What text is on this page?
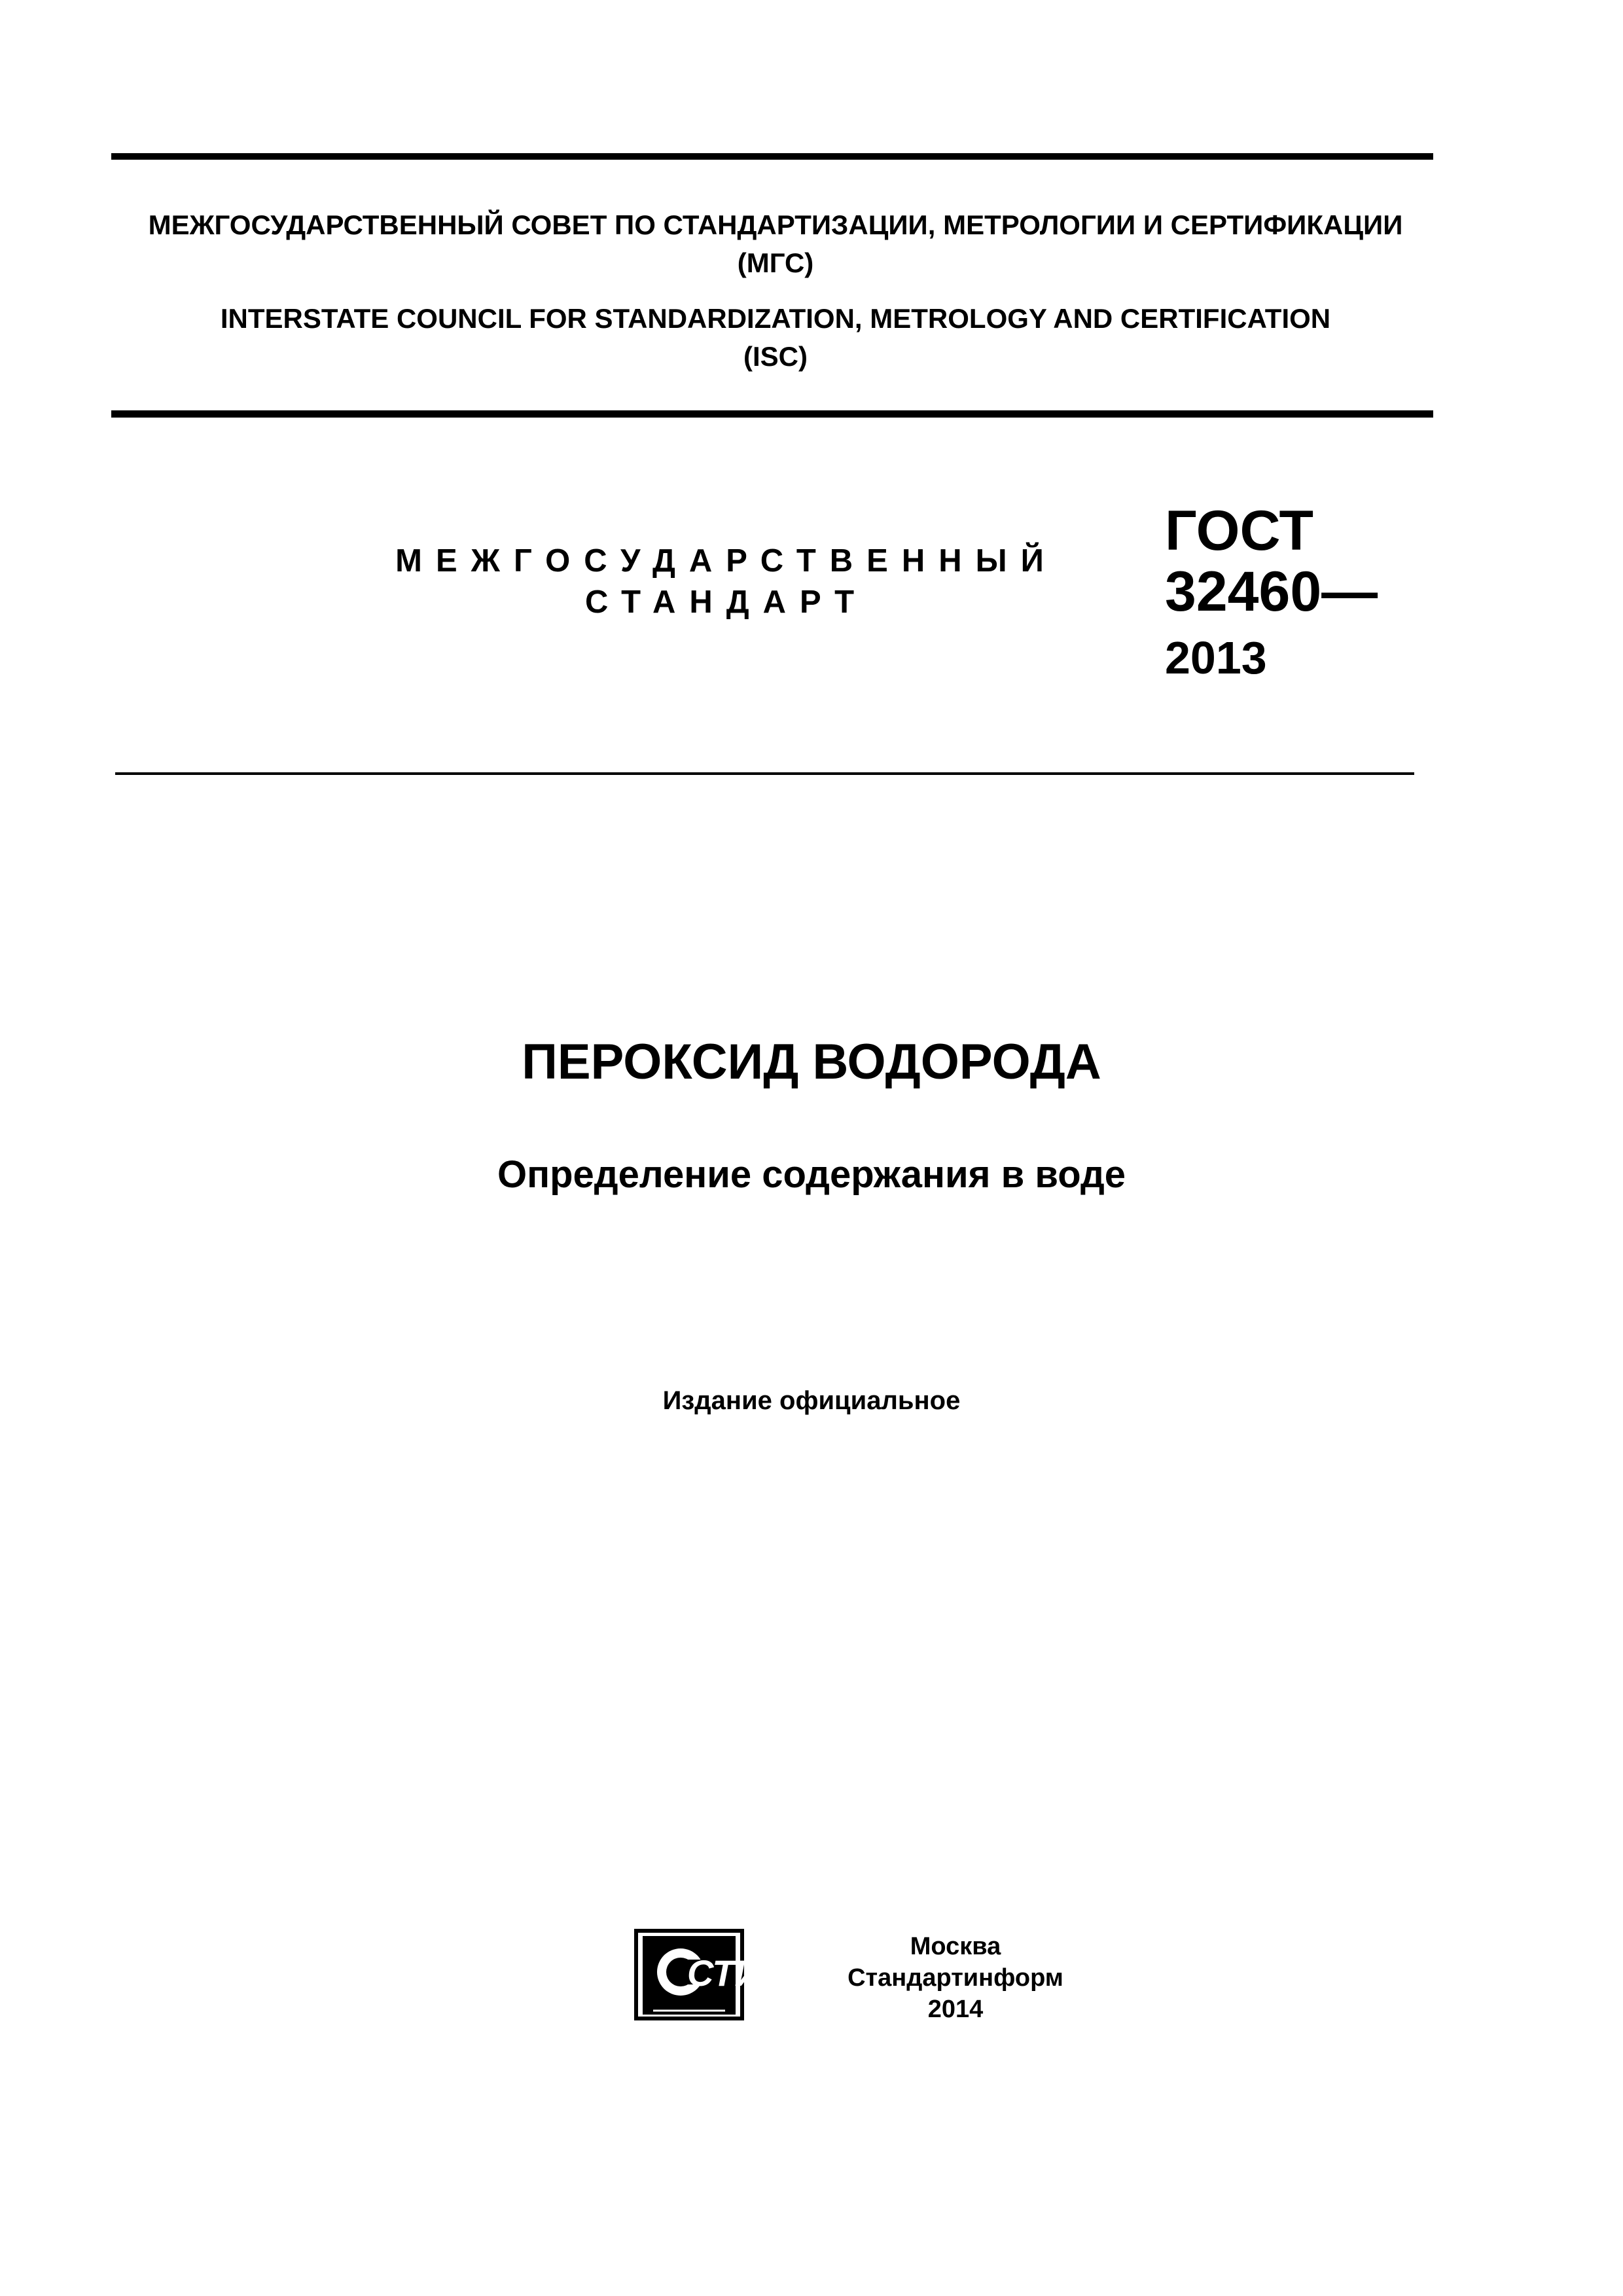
МЕЖГОСУДАРСТВЕННЫЙ СОВЕТ ПО СТАНДАРТИЗАЦИИ, МЕТРОЛОГИИ И СЕРТИФИКАЦИИ
(МГС)
INTERSTATE COUNCIL FOR STANDARDIZATION, METROLOGY AND CERTIFICATION
(ISC)
МЕЖГОСУДАРСТВЕННЫЙ
СТАНДАРТ
ГОСТ
32460—
2013
ПЕРОКСИД ВОДОРОДА
Определение содержания в воде
Издание официальное
СТИ
Москва
Стандартинформ
2014
